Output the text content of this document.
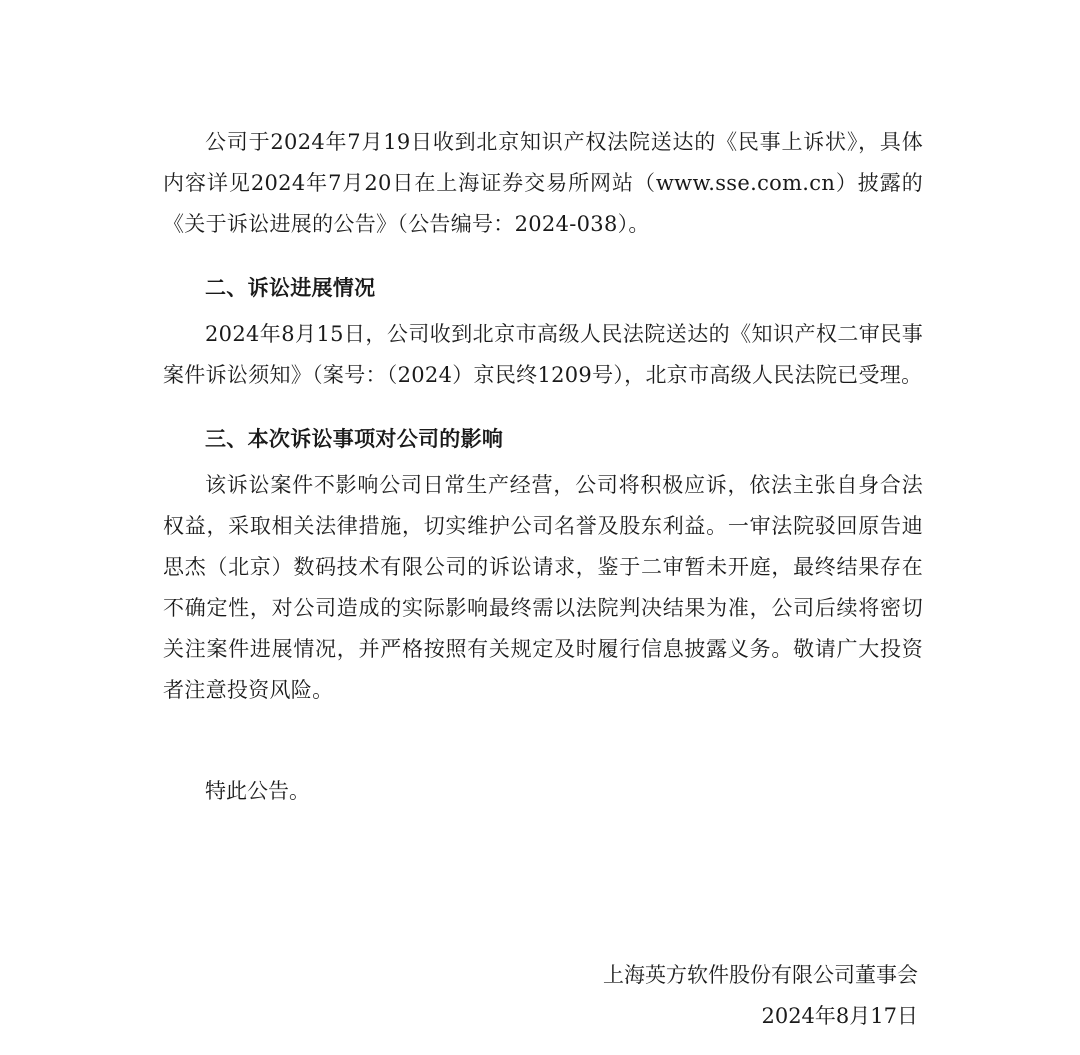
公司于2024年7月19日收到北京知识产权法院送达的《民事上诉状》，具体内容详见2024年7月20日在上海证券交易所网站（www.sse.com.cn）披露的《关于诉讼进展的公告》（公告编号：2024-038）。

二、诉讼进展情况

2024年8月15日，公司收到北京市高级人民法院送达的《知识产权二审民事案件诉讼须知》（案号：（2024）京民终1209号），北京市高级人民法院已受理。

三、本次诉讼事项对公司的影响

该诉讼案件不影响公司日常生产经营，公司将积极应诉，依法主张自身合法权益，采取相关法律措施，切实维护公司名誉及股东利益。一审法院驳回原告迪思杰（北京）数码技术有限公司的诉讼请求，鉴于二审暂未开庭，最终结果存在不确定性，对公司造成的实际影响最终需以法院判决结果为准，公司后续将密切关注案件进展情况，并严格按照有关规定及时履行信息披露义务。敬请广大投资者注意投资风险。

特此公告。

上海英方软件股份有限公司董事会
2024年8月17日
